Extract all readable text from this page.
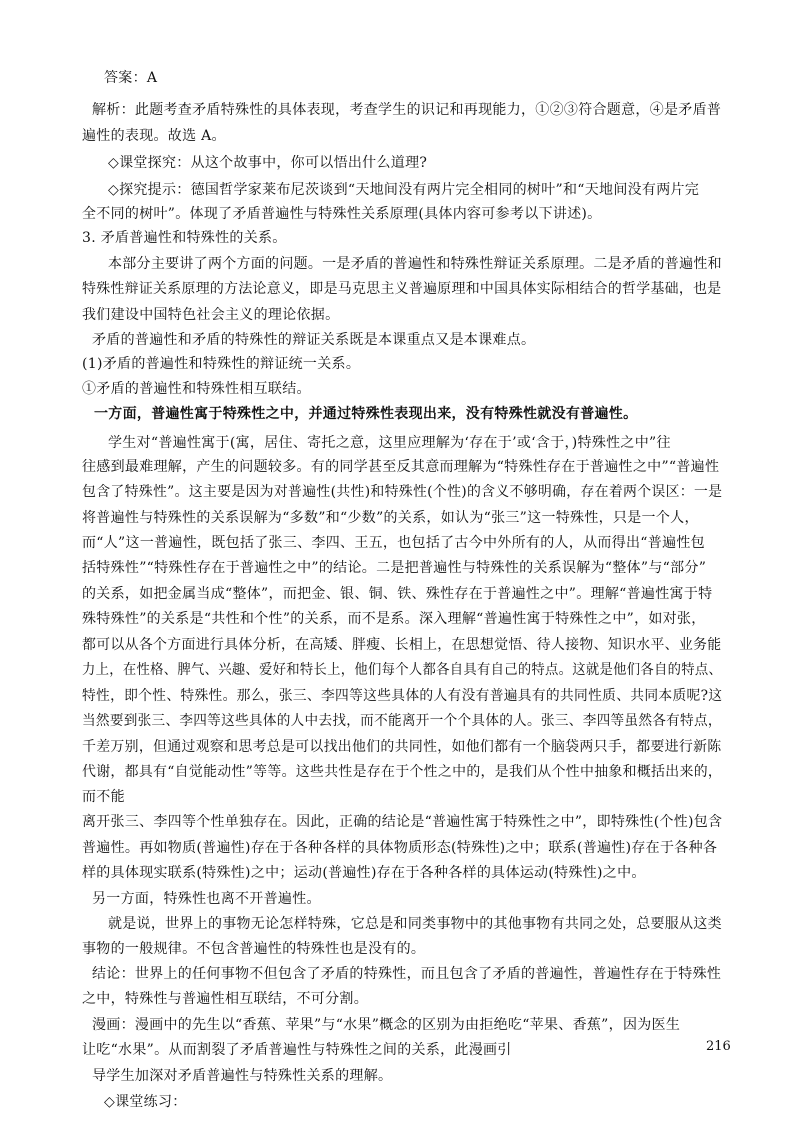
答案：A
解析：此题考查矛盾特殊性的具体表现，考查学生的识记和再现能力，①②③符合题意，④是矛盾普
遍性的表现。故选 A。
◇课堂探究：从这个故事中，你可以悟出什么道理?
◇探究提示：德国哲学家莱布尼茨谈到“天地间没有两片完全相同的树叶”和“天地间没有两片完
全不同的树叶”。体现了矛盾普遍性与特殊性关系原理(具体内容可参考以下讲述)。
3. 矛盾普遍性和特殊性的关系。
本部分主要讲了两个方面的问题。一是矛盾的普遍性和特殊性辩证关系原理。二是矛盾的普遍性和
特殊性辩证关系原理的方法论意义，即是马克思主义普遍原理和中国具体实际相结合的哲学基础，也是
我们建设中国特色社会主义的理论依据。
矛盾的普遍性和矛盾的特殊性的辩证关系既是本课重点又是本课难点。
(1)矛盾的普遍性和特殊性的辩证统一关系。
①矛盾的普遍性和特殊性相互联结。
一方面，普遍性寓于特殊性之中，并通过特殊性表现出来，没有特殊性就没有普遍性。
学生对“普遍性寓于(寓，居住、寄托之意，这里应理解为‘存在于’或‘含于，)特殊性之中”往
往感到最难理解，产生的问题较多。有的同学甚至反其意而理解为“特殊性存在于普遍性之中”“普遍性
包含了特殊性”。这主要是因为对普遍性(共性)和特殊性(个性)的含义不够明确，存在着两个误区：一是
将普遍性与特殊性的关系误解为“多数”和“少数”的关系，如认为“张三”这一特殊性，只是一个人，
而“人”这一普遍性，既包括了张三、李四、王五，也包括了古今中外所有的人，从而得出“普遍性包
括特殊性”“特殊性存在于普遍性之中”的结论。二是把普遍性与特殊性的关系误解为“整体”与“部分”
的关系，如把金属当成“整体”，而把金、银、铜、铁、殊性存在于普遍性之中”。理解“普遍性寓于特
殊特殊性”的关系是“共性和个性”的关系，而不是系。深入理解“普遍性寓于特殊性之中”，如对张，
都可以从各个方面进行具体分析，在高矮、胖瘦、长相上，在思想觉悟、待人接物、知识水平、业务能
力上，在性格、脾气、兴趣、爱好和特长上，他们每个人都各自具有自己的特点。这就是他们各自的特点、
特性，即个性、特殊性。那么，张三、李四等这些具体的人有没有普遍具有的共同性质、共同本质呢?这
当然要到张三、李四等这些具体的人中去找，而不能离开一个个具体的人。张三、李四等虽然各有特点，
千差万别，但通过观察和思考总是可以找出他们的共同性，如他们都有一个脑袋两只手，都要进行新陈
代谢，都具有“自觉能动性”等等。这些共性是存在于个性之中的，是我们从个性中抽象和概括出来的，
而不能
离开张三、李四等个性单独存在。因此，正确的结论是“普遍性寓于特殊性之中”，即特殊性(个性)包含
普遍性。再如物质(普遍性)存在于各种各样的具体物质形态(特殊性)之中；联系(普遍性)存在于各种各
样的具体现实联系(特殊性)之中；运动(普遍性)存在于各种各样的具体运动(特殊性)之中。
另一方面，特殊性也离不开普遍性。
就是说，世界上的事物无论怎样特殊，它总是和同类事物中的其他事物有共同之处，总要服从这类
事物的一般规律。不包含普遍性的特殊性也是没有的。
结论：世界上的任何事物不但包含了矛盾的特殊性，而且包含了矛盾的普遍性，普遍性存在于特殊性
之中，特殊性与普遍性相互联结，不可分割。
漫画：漫画中的先生以“香蕉、苹果”与“水果”概念的区别为由拒绝吃“苹果、香蕉”，因为医生
让吃“水果”。从而割裂了矛盾普遍性与特殊性之间的关系，此漫画引
导学生加深对矛盾普遍性与特殊性关系的理解。
◇课堂练习：
216
